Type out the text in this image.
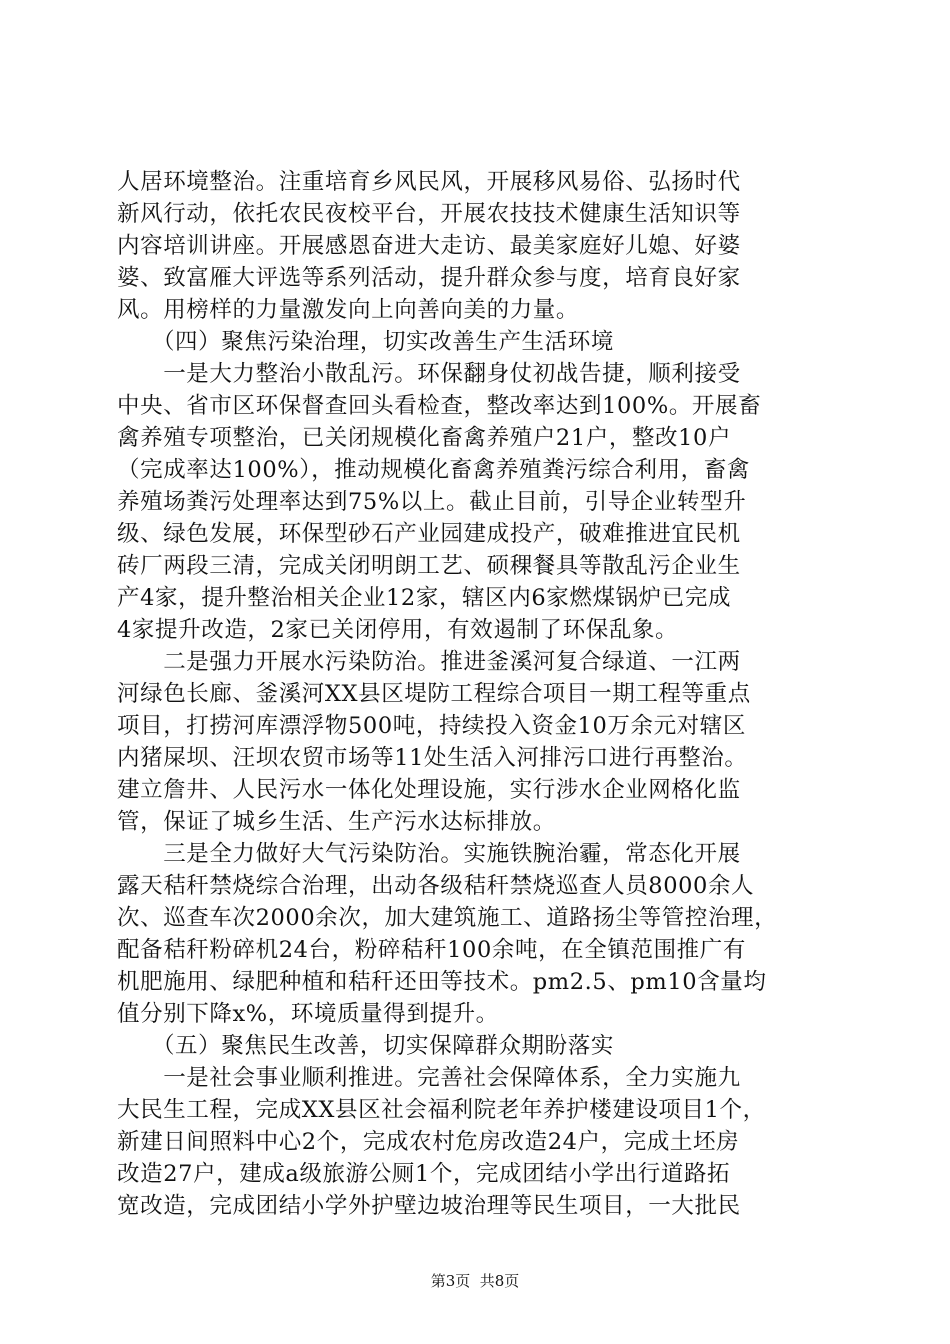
人居环境整治。注重培育乡风民风，开展移风易俗、弘扬时代
新风行动，依托农民夜校平台，开展农技技术健康生活知识等
内容培训讲座。开展感恩奋进大走访、最美家庭好儿媳、好婆
婆、致富雁大评选等系列活动，提升群众参与度，培育良好家
风。用榜样的力量激发向上向善向美的力量。
　　（四）聚焦污染治理，切实改善生产生活环境
　　一是大力整治小散乱污。环保翻身仗初战告捷，顺利接受
中央、省市区环保督查回头看检查，整改率达到100%。开展畜
禽养殖专项整治，已关闭规模化畜禽养殖户21户，整改10户
（完成率达100%），推动规模化畜禽养殖粪污综合利用，畜禽
养殖场粪污处理率达到75%以上。截止目前，引导企业转型升
级、绿色发展，环保型砂石产业园建成投产，破难推进宜民机
砖厂两段三清，完成关闭明朗工艺、硕稞餐具等散乱污企业生
产4家，提升整治相关企业12家，辖区内6家燃煤锅炉已完成
4家提升改造，2家已关闭停用，有效遏制了环保乱象。
　　二是强力开展水污染防治。推进釜溪河复合绿道、一江两
河绿色长廊、釜溪河XX县区堤防工程综合项目一期工程等重点
项目，打捞河库漂浮物500吨，持续投入资金10万余元对辖区
内猪屎坝、汪坝农贸市场等11处生活入河排污口进行再整治。
建立詹井、人民污水一体化处理设施，实行涉水企业网格化监
管，保证了城乡生活、生产污水达标排放。
　　三是全力做好大气污染防治。实施铁腕治霾，常态化开展
露天秸秆禁烧综合治理，出动各级秸秆禁烧巡查人员8000余人
次、巡查车次2000余次，加大建筑施工、道路扬尘等管控治理，
配备秸秆粉碎机24台，粉碎秸秆100余吨，在全镇范围推广有
机肥施用、绿肥种植和秸秆还田等技术。pm2.5、pm10含量均
值分别下降x%，环境质量得到提升。
　　（五）聚焦民生改善，切实保障群众期盼落实
　　一是社会事业顺利推进。完善社会保障体系，全力实施九
大民生工程，完成XX县区社会福利院老年养护楼建设项目1个，
新建日间照料中心2个，完成农村危房改造24户，完成土坯房
改造27户，建成a级旅游公厕1个，完成团结小学出行道路拓
宽改造，完成团结小学外护壁边坡治理等民生项目，一大批民
第3页  共8页
